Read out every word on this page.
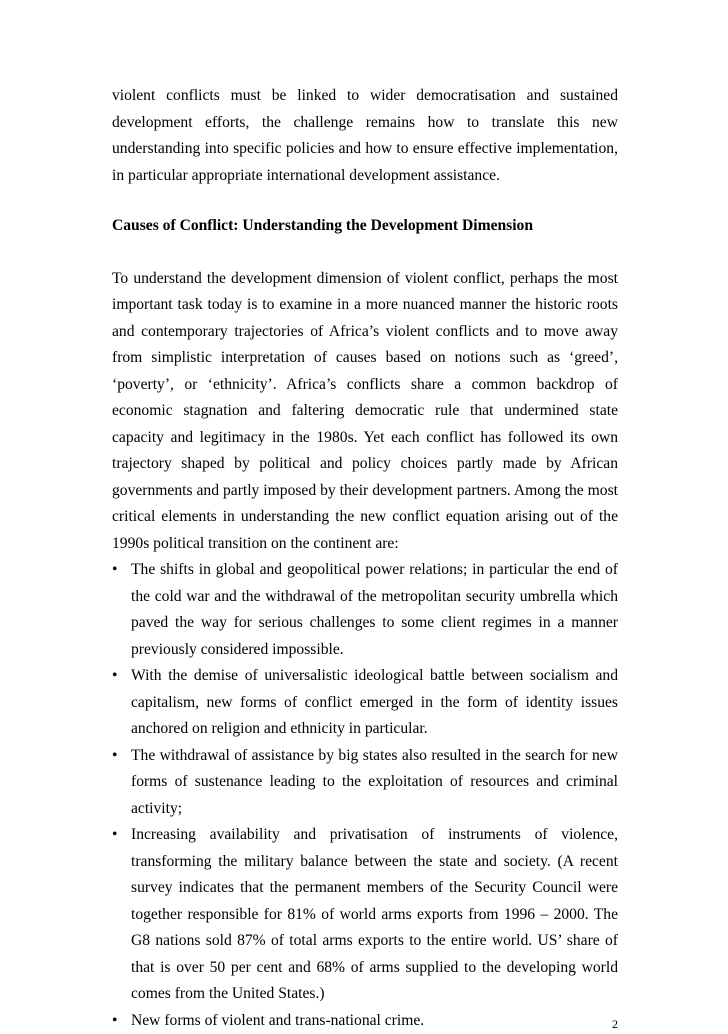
violent conflicts must be linked to wider democratisation and sustained development efforts, the challenge remains how to translate this new understanding into specific policies and how to ensure effective implementation, in particular appropriate international development assistance.

Causes of Conflict: Understanding the Development Dimension

To understand the development dimension of violent conflict, perhaps the most important task today is to examine in a more nuanced manner the historic roots and contemporary trajectories of Africa’s violent conflicts and to move away from simplistic interpretation of causes based on notions such as ‘greed’, ‘poverty’, or ‘ethnicity’. Africa’s conflicts share a common backdrop of economic stagnation and faltering democratic rule that undermined state capacity and legitimacy in the 1980s. Yet each conflict has followed its own trajectory shaped by political and policy choices partly made by African governments and partly imposed by their development partners. Among the most critical elements in understanding the new conflict equation arising out of the 1990s political transition on the continent are:

• The shifts in global and geopolitical power relations; in particular the end of the cold war and the withdrawal of the metropolitan security umbrella which paved the way for serious challenges to some client regimes in a manner previously considered impossible.
• With the demise of universalistic ideological battle between socialism and capitalism, new forms of conflict emerged in the form of identity issues anchored on religion and ethnicity in particular.
• The withdrawal of assistance by big states also resulted in the search for new forms of sustenance leading to the exploitation of resources and criminal activity;
• Increasing availability and privatisation of instruments of violence, transforming the military balance between the state and society. (A recent survey indicates that the permanent members of the Security Council were together responsible for 81% of world arms exports from 1996 – 2000. The G8 nations sold 87% of total arms exports to the entire world. US’ share of that is over 50 per cent and 68% of arms supplied to the developing world comes from the United States.)
• New forms of violent and trans-national crime.	2
